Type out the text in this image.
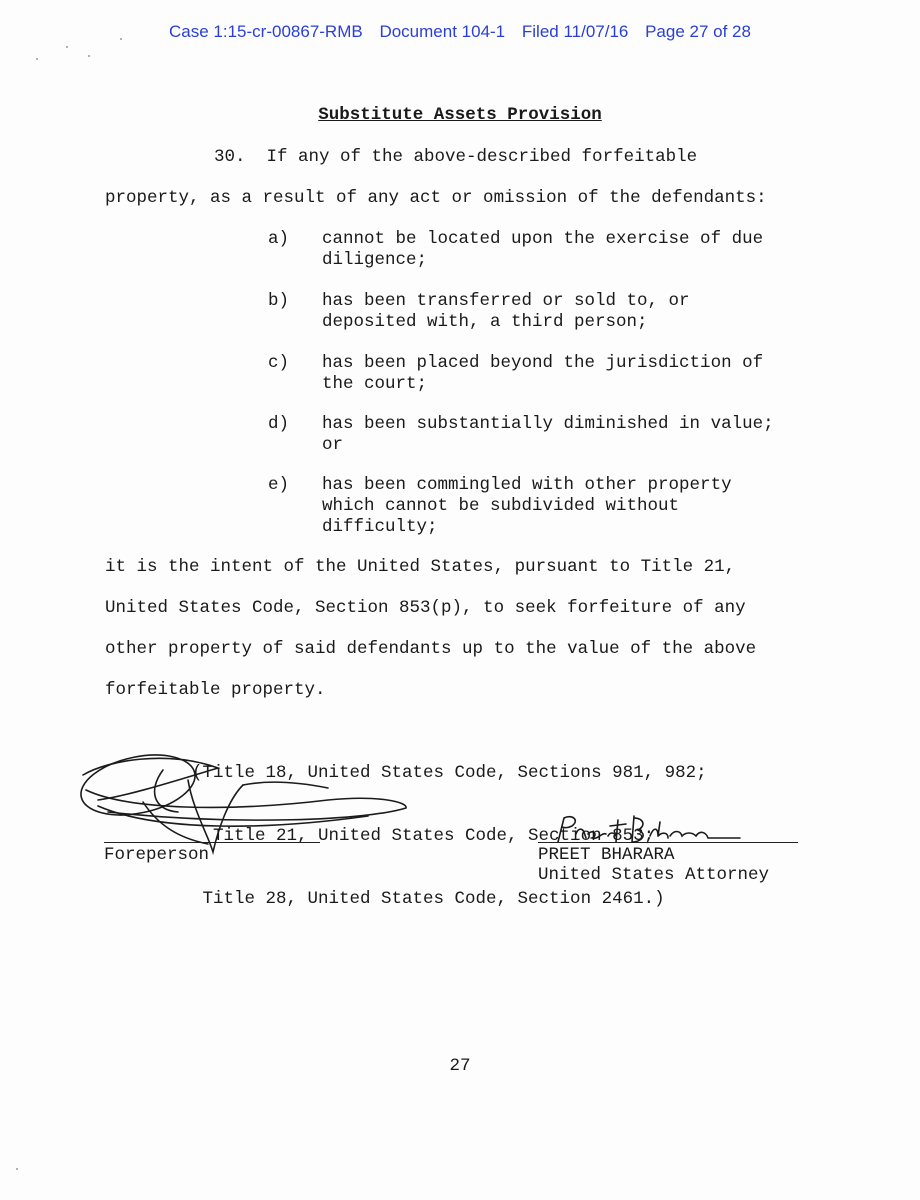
Case 1:15-cr-00867-RMB Document 104-1 Filed 11/07/16 Page 27 of 28
Substitute Assets Provision
30.  If any of the above-described forfeitable
property, as a result of any act or omission of the defendants:
a) cannot be located upon the exercise of due
diligence;
b) has been transferred or sold to, or
deposited with, a third person;
c) has been placed beyond the jurisdiction of
the court;
d) has been substantially diminished in value;
or
e) has been commingled with other property
which cannot be subdivided without
difficulty;
it is the intent of the United States, pursuant to Title 21,
United States Code, Section 853(p), to seek forfeiture of any
other property of said defendants up to the value of the above
forfeitable property.

(Title 18, United States Code, Sections 981, 982;

Title 21, United States Code, Section 853;

Title 28, United States Code, Section 2461.)

Foreperson	PREET BHARARA
United States Attorney
27
